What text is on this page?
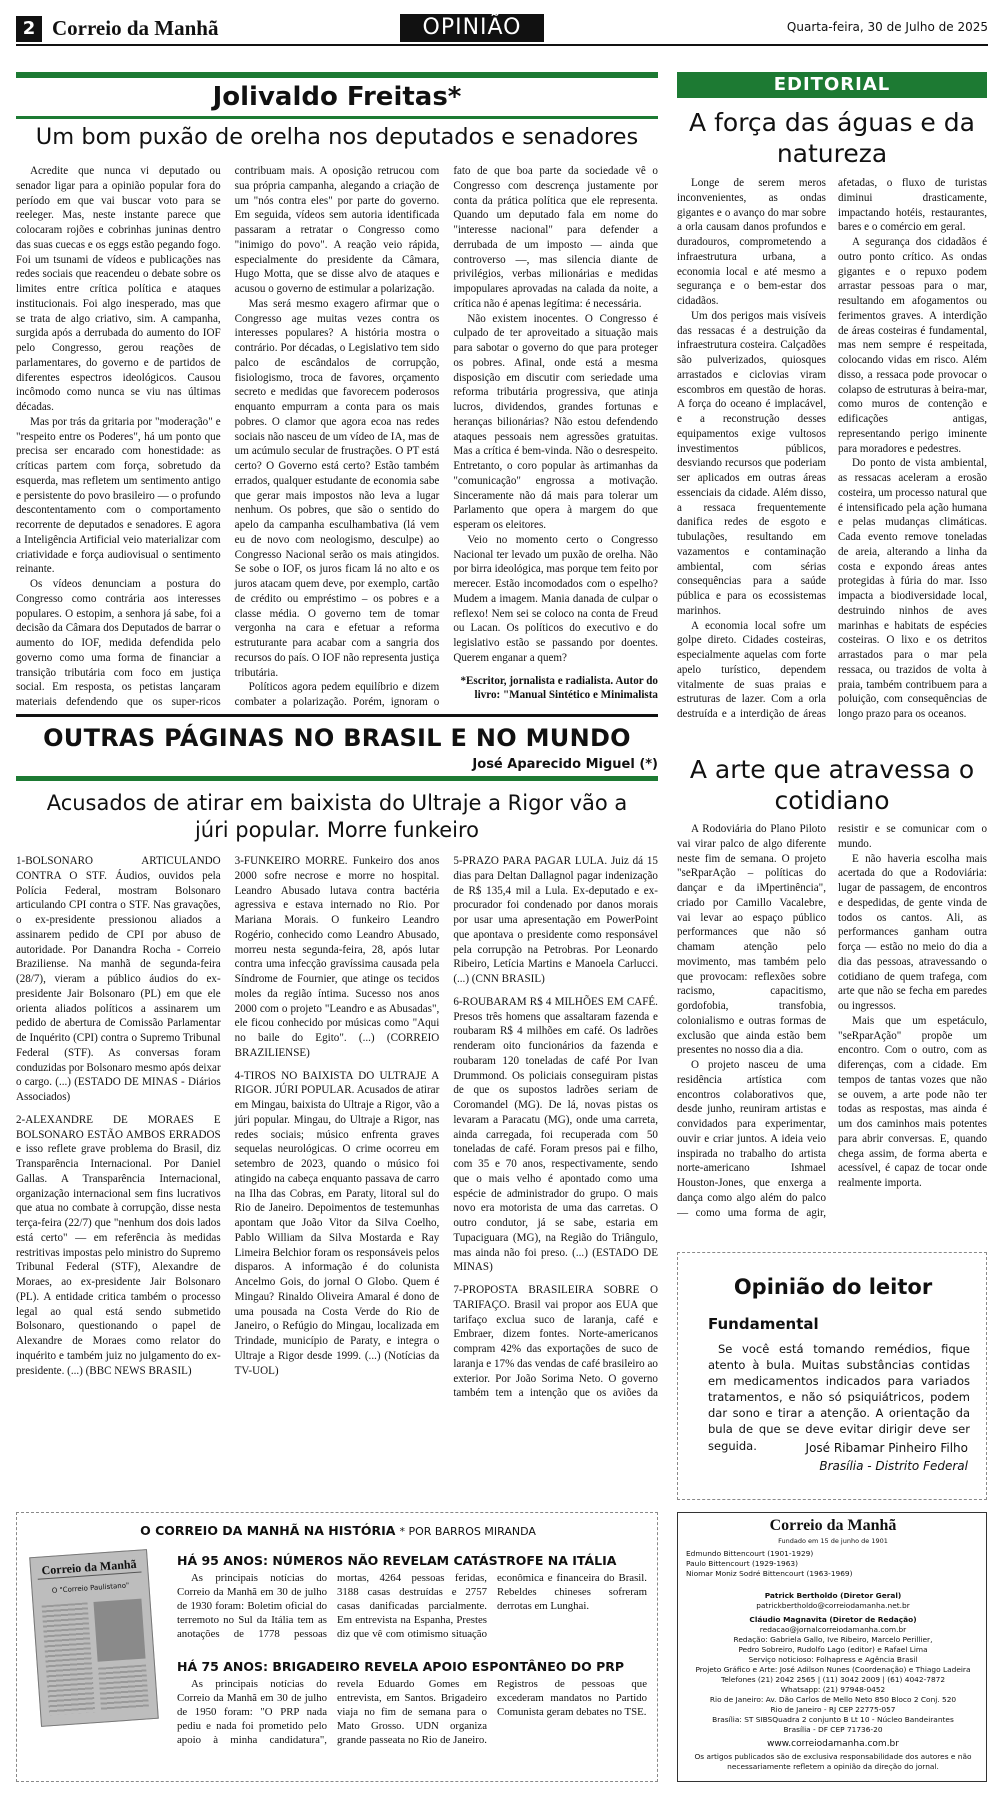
2 Correio da Manhã	OPINIÃO	Quarta-feira, 30 de Julho de 2025
Jolivaldo Freitas*
Um bom puxão de orelha nos deputados e senadores

Acredite que nunca vi deputado ou senador ligar para a opinião popular fora do período em que vai buscar voto para se reeleger. Mas, neste instante parece que colocaram rojões e cobrinhas juninas dentro das suas cuecas e os eggs estão pegando fogo. Foi um tsunami de vídeos e publicações nas redes sociais que reacendeu o debate sobre os limites entre crítica política e ataques institucionais. Foi algo inesperado, mas que se trata de algo criativo, sim. A campanha, surgida após a derrubada do aumento do IOF pelo Congresso, gerou reações de parlamentares, do governo e de partidos de diferentes espectros ideológicos. Causou incômodo como nunca se viu nas últimas décadas.

Mas por trás da gritaria por "moderação" e "respeito entre os Poderes", há um ponto que precisa ser encarado com honestidade: as críticas partem com força, sobretudo da esquerda, mas refletem um sentimento antigo e persistente do povo brasileiro — o profundo descontentamento com o comportamento recorrente de deputados e senadores. E agora a Inteligência Artificial veio materializar com criatividade e força audiovisual o sentimento reinante.

Os vídeos denunciam a postura do Congresso como contrária aos interesses populares. O estopim, a senhora já sabe, foi a decisão da Câmara dos Deputados de barrar o aumento do IOF, medida defendida pelo governo como uma forma de financiar a transição tributária com foco em justiça social. Em resposta, os petistas lançaram materiais defendendo que os super-ricos contribuam mais. A oposição retrucou com sua própria campanha, alegando a criação de um "nós contra eles" por parte do governo. Em seguida, vídeos sem autoria identificada passaram a retratar o Congresso como "inimigo do povo". A reação veio rápida, especialmente do presidente da Câmara, Hugo Motta, que se disse alvo de ataques e acusou o governo de estimular a polarização.

Mas será mesmo exagero afirmar que o Congresso age muitas vezes contra os interesses populares? A história mostra o contrário. Por décadas, o Legislativo tem sido palco de escândalos de corrupção, fisiologismo, troca de favores, orçamento secreto e medidas que favorecem poderosos enquanto empurram a conta para os mais pobres. O clamor que agora ecoa nas redes sociais não nasceu de um vídeo de IA, mas de um acúmulo secular de frustrações. O PT está certo? O Governo está certo? Estão também errados, qualquer estudante de economia sabe que gerar mais impostos não leva a lugar nenhum. Os pobres, que são o sentido do apelo da campanha esculhambativa (lá vem eu de novo com neologismo, desculpe) ao Congresso Nacional serão os mais atingidos. Se sobe o IOF, os juros ficam lá no alto e os juros atacam quem deve, por exemplo, cartão de crédito ou empréstimo – os pobres e a classe média. O governo tem de tomar vergonha na cara e efetuar a reforma estruturante para acabar com a sangria dos recursos do país. O IOF não representa justiça tributária.

Políticos agora pedem equilíbrio e dizem combater a polarização. Porém, ignoram o fato de que boa parte da sociedade vê o Congresso com descrença justamente por conta da prática política que ele representa. Quando um deputado fala em nome do "interesse nacional" para defender a derrubada de um imposto — ainda que controverso —, mas silencia diante de privilégios, verbas milionárias e medidas impopulares aprovadas na calada da noite, a crítica não é apenas legítima: é necessária.

Não existem inocentes. O Congresso é culpado de ter aproveitado a situação mais para sabotar o governo do que para proteger os pobres. Afinal, onde está a mesma disposição em discutir com seriedade uma reforma tributária progressiva, que atinja lucros, dividendos, grandes fortunas e heranças bilionárias? Não estou defendendo ataques pessoais nem agressões gratuitas. Mas a crítica é bem-vinda. Não o desrespeito. Entretanto, o coro popular às artimanhas da "comunicação" engrossa a motivação. Sinceramente não dá mais para tolerar um Parlamento que opera à margem do que esperam os eleitores.

Veio no momento certo o Congresso Nacional ter levado um puxão de orelha. Não por birra ideológica, mas porque tem feito por merecer. Estão incomodados com o espelho? Mudem a imagem. Mania danada de culpar o reflexo! Nem sei se coloco na conta de Freud ou Lacan. Os políticos do executivo e do legislativo estão se passando por doentes. Querem enganar a quem?

*Escritor, jornalista e radialista. Autor do livro: "Manual Sintético e Minimalista

OUTRAS PÁGINAS NO BRASIL E NO MUNDO
José Aparecido Miguel (*)
Acusados de atirar em baixista do Ultraje a Rigor vão a júri popular. Morre funkeiro

1-BOLSONARO ARTICULANDO CONTRA O STF. Áudios, ouvidos pela Polícia Federal, mostram Bolsonaro articulando CPI contra o STF. Nas gravações, o ex-presidente pressionou aliados a assinarem pedido de CPI por abuso de autoridade. Por Danandra Rocha - Correio Braziliense. Na manhã de segunda-feira (28/7), vieram a público áudios do ex-presidente Jair Bolsonaro (PL) em que ele orienta aliados políticos a assinarem um pedido de abertura de Comissão Parlamentar de Inquérito (CPI) contra o Supremo Tribunal Federal (STF). As conversas foram conduzidas por Bolsonaro mesmo após deixar o cargo. (...) (ESTADO DE MINAS - Diários Associados)

2-ALEXANDRE DE MORAES E BOLSONARO ESTÃO AMBOS ERRADOS e isso reflete grave problema do Brasil, diz Transparência Internacional. Por Daniel Gallas. A Transparência Internacional, organização internacional sem fins lucrativos que atua no combate à corrupção, disse nesta terça-feira (22/7) que "nenhum dos dois lados está certo" — em referência às medidas restritivas impostas pelo ministro do Supremo Tribunal Federal (STF), Alexandre de Moraes, ao ex-presidente Jair Bolsonaro (PL). A entidade critica também o processo legal ao qual está sendo submetido Bolsonaro, questionando o papel de Alexandre de Moraes como relator do inquérito e também juiz no julgamento do ex-presidente. (...) (BBC NEWS BRASIL)

3-FUNKEIRO MORRE. Funkeiro dos anos 2000 sofre necrose e morre no hospital. Leandro Abusado lutava contra bactéria agressiva e estava internado no Rio. Por Mariana Morais. O funkeiro Leandro Rogério, conhecido como Leandro Abusado, morreu nesta segunda-feira, 28, após lutar contra uma infecção gravíssima causada pela Síndrome de Fournier, que atinge os tecidos moles da região íntima. Sucesso nos anos 2000 com o projeto "Leandro e as Abusadas", ele ficou conhecido por músicas como "Aqui no baile do Egito". (...) (CORREIO BRAZILIENSE)

4-TIROS NO BAIXISTA DO ULTRAJE A RIGOR. JÚRI POPULAR. Acusados de atirar em Mingau, baixista do Ultraje a Rigor, vão a júri popular. Mingau, do Ultraje a Rigor, nas redes sociais; músico enfrenta graves sequelas neurológicas. O crime ocorreu em setembro de 2023, quando o músico foi atingido na cabeça enquanto passava de carro na Ilha das Cobras, em Paraty, litoral sul do Rio de Janeiro. Depoimentos de testemunhas apontam que João Vitor da Silva Coelho, Pablo William da Silva Mostarda e Ray Limeira Belchior foram os responsáveis pelos disparos. A informação é do colunista Ancelmo Gois, do jornal O Globo. Quem é Mingau? Rinaldo Oliveira Amaral é dono de uma pousada na Costa Verde do Rio de Janeiro, o Refúgio do Mingau, localizada em Trindade, município de Paraty, e integra o Ultraje a Rigor desde 1999. (...) (Notícias da TV-UOL)

5-PRAZO PARA PAGAR LULA. Juiz dá 15 dias para Deltan Dallagnol pagar indenização de R$ 135,4 mil a Lula. Ex-deputado e ex-procurador foi condenado por danos morais por usar uma apresentação em PowerPoint que apontava o presidente como responsável pela corrupção na Petrobras. Por Leonardo Ribeiro, Letícia Martins e Manoela Carlucci. (...) (CNN BRASIL)

6-ROUBARAM R$ 4 MILHÕES EM CAFÉ. Presos três homens que assaltaram fazenda e roubaram R$ 4 milhões em café. Os ladrões renderam oito funcionários da fazenda e roubaram 120 toneladas de café Por Ivan Drummond. Os policiais conseguiram pistas de que os supostos ladrões seriam de Coromandel (MG). De lá, novas pistas os levaram a Paracatu (MG), onde uma carreta, ainda carregada, foi recuperada com 50 toneladas de café. Foram presos pai e filho, com 35 e 70 anos, respectivamente, sendo que o mais velho é apontado como uma espécie de administrador do grupo. O mais novo era motorista de uma das carretas. O outro condutor, já se sabe, estaria em Tupaciguara (MG), na Região do Triângulo, mas ainda não foi preso. (...) (ESTADO DE MINAS)

7-PROPOSTA BRASILEIRA SOBRE O TARIFAÇO. Brasil vai propor aos EUA que tarifaço exclua suco de laranja, café e Embraer, dizem fontes. Norte-americanos compram 42% das exportações de suco de laranja e 17% das vendas de café brasileiro ao exterior. Por João Sorima Neto. O governo também tem a intenção que os aviões da

EDITORIAL
A força das águas e da natureza

Longe de serem meros inconvenientes, as ondas gigantes e o avanço do mar sobre a orla causam danos profundos e duradouros, comprometendo a infraestrutura urbana, a economia local e até mesmo a segurança e o bem-estar dos cidadãos.

Um dos perigos mais visíveis das ressacas é a destruição da infraestrutura costeira. Calçadões são pulverizados, quiosques arrastados e ciclovias viram escombros em questão de horas. A força do oceano é implacável, e a reconstrução desses equipamentos exige vultosos investimentos públicos, desviando recursos que poderiam ser aplicados em outras áreas essenciais da cidade. Além disso, a ressaca frequentemente danifica redes de esgoto e tubulações, resultando em vazamentos e contaminação ambiental, com sérias consequências para a saúde pública e para os ecossistemas marinhos.

A economia local sofre um golpe direto. Cidades costeiras, especialmente aquelas com forte apelo turístico, dependem vitalmente de suas praias e estruturas de lazer. Com a orla destruída e a interdição de áreas afetadas, o fluxo de turistas diminui drasticamente, impactando hotéis, restaurantes, bares e o comércio em geral.

A segurança dos cidadãos é outro ponto crítico. As ondas gigantes e o repuxo podem arrastar pessoas para o mar, resultando em afogamentos ou ferimentos graves. A interdição de áreas costeiras é fundamental, mas nem sempre é respeitada, colocando vidas em risco. Além disso, a ressaca pode provocar o colapso de estruturas à beira-mar, como muros de contenção e edificações antigas, representando perigo iminente para moradores e pedestres.

Do ponto de vista ambiental, as ressacas aceleram a erosão costeira, um processo natural que é intensificado pela ação humana e pelas mudanças climáticas. Cada evento remove toneladas de areia, alterando a linha da costa e expondo áreas antes protegidas à fúria do mar. Isso impacta a biodiversidade local, destruindo ninhos de aves marinhas e habitats de espécies costeiras. O lixo e os detritos arrastados para o mar pela ressaca, ou trazidos de volta à praia, também contribuem para a poluição, com consequências de longo prazo para os oceanos.

A arte que atravessa o cotidiano

A Rodoviária do Plano Piloto vai virar palco de algo diferente neste fim de semana. O projeto "seRparAção – políticas do dançar e da iMpertinência", criado por Camillo Vacalebre, vai levar ao espaço público performances que não só chamam atenção pelo movimento, mas também pelo que provocam: reflexões sobre racismo, capacitismo, gordofobia, transfobia, colonialismo e outras formas de exclusão que ainda estão bem presentes no nosso dia a dia.

O projeto nasceu de uma residência artística com encontros colaborativos que, desde junho, reuniram artistas e convidados para experimentar, ouvir e criar juntos. A ideia veio inspirada no trabalho do artista norte-americano Ishmael Houston-Jones, que enxerga a dança como algo além do palco — como uma forma de agir, resistir e se comunicar com o mundo.

E não haveria escolha mais acertada do que a Rodoviária: lugar de passagem, de encontros e despedidas, de gente vinda de todos os cantos. Ali, as performances ganham outra força — estão no meio do dia a dia das pessoas, atravessando o cotidiano de quem trafega, com arte que não se fecha em paredes ou ingressos.

Mais que um espetáculo, "seRparAção" propõe um encontro. Com o outro, com as diferenças, com a cidade. Em tempos de tantas vozes que não se ouvem, a arte pode não ter todas as respostas, mas ainda é um dos caminhos mais potentes para abrir conversas. E, quando chega assim, de forma aberta e acessível, é capaz de tocar onde realmente importa.

Opinião do leitor
Fundamental
Se você está tomando remédios, fique atento à bula. Muitas substâncias contidas em medicamentos indicados para variados tratamentos, e não só psiquiátricos, podem dar sono e tirar a atenção. A orientação da bula de que se deve evitar dirigir deve ser seguida.	José Ribamar Pinheiro Filho
Brasília - Distrito Federal
O CORREIO DA MANHÃ NA HISTÓRIA * POR BARROS MIRANDA
Correio da Manhã
O "Correio Paulistano"
HÁ 95 ANOS: NÚMEROS NÃO REVELAM CATÁSTROFE NA ITÁLIA

As principais notícias do Correio da Manhã em 30 de julho de 1930 foram: Boletim oficial do terremoto no Sul da Itália tem as anotações de 1778 pessoas mortas, 4264 pessoas feridas, 3188 casas destruídas e 2757 casas danificadas parcialmente. Em entrevista na Espanha, Prestes diz que vê com otimismo situação econômica e financeira do Brasil. Rebeldes chineses sofreram derrotas em Lunghai.

HÁ 75 ANOS: BRIGADEIRO REVELA APOIO ESPONTÂNEO DO PRP

As principais notícias do Correio da Manhã em 30 de julho de 1950 foram: "O PRP nada pediu e nada foi prometido pelo apoio à minha candidatura", revela Eduardo Gomes em entrevista, em Santos. Brigadeiro viaja no fim de semana para o Mato Grosso. UDN organiza grande passeata no Rio de Janeiro. Registros de pessoas que excederam mandatos no Partido Comunista geram debates no TSE.

Correio da Manhã
Fundado em 15 de junho de 1901
Edmundo Bittencourt (1901-1929)
Paulo Bittencourt (1929-1963)
Niomar Moniz Sodré Bittencourt (1963-1969)
Patrick Bertholdo (Diretor Geral)
patrickbertholdo@correiodamanha.net.br
Cláudio Magnavita (Diretor de Redação)
redacao@jornalcorreiodamanha.com.br
Redação: Gabriela Gallo, Ive Ribeiro, Marcelo Perillier,
Pedro Sobreiro, Rudolfo Lago (editor) e Rafael Lima
Serviço noticioso: Folhapress e Agência Brasil
Projeto Gráfico e Arte: José Adilson Nunes (Coordenação) e Thiago Ladeira
Telefones (21) 2042 2565 | (11) 3042 2009 | (61) 4042-7872
Whatsapp: (21) 97948-0452
Rio de Janeiro: Av. Dão Carlos de Mello Neto 850 Bloco 2 Conj. 520
Rio de Janeiro - RJ CEP 22775-057
Brasília: ST SIBSQuadra 2 conjunto B Lt 10 - Núcleo Bandeirantes
Brasília - DF CEP 71736-20
www.correiodamanha.com.br
Os artigos publicados são de exclusiva responsabilidade dos autores e não necessariamente refletem a opinião da direção do jornal.
